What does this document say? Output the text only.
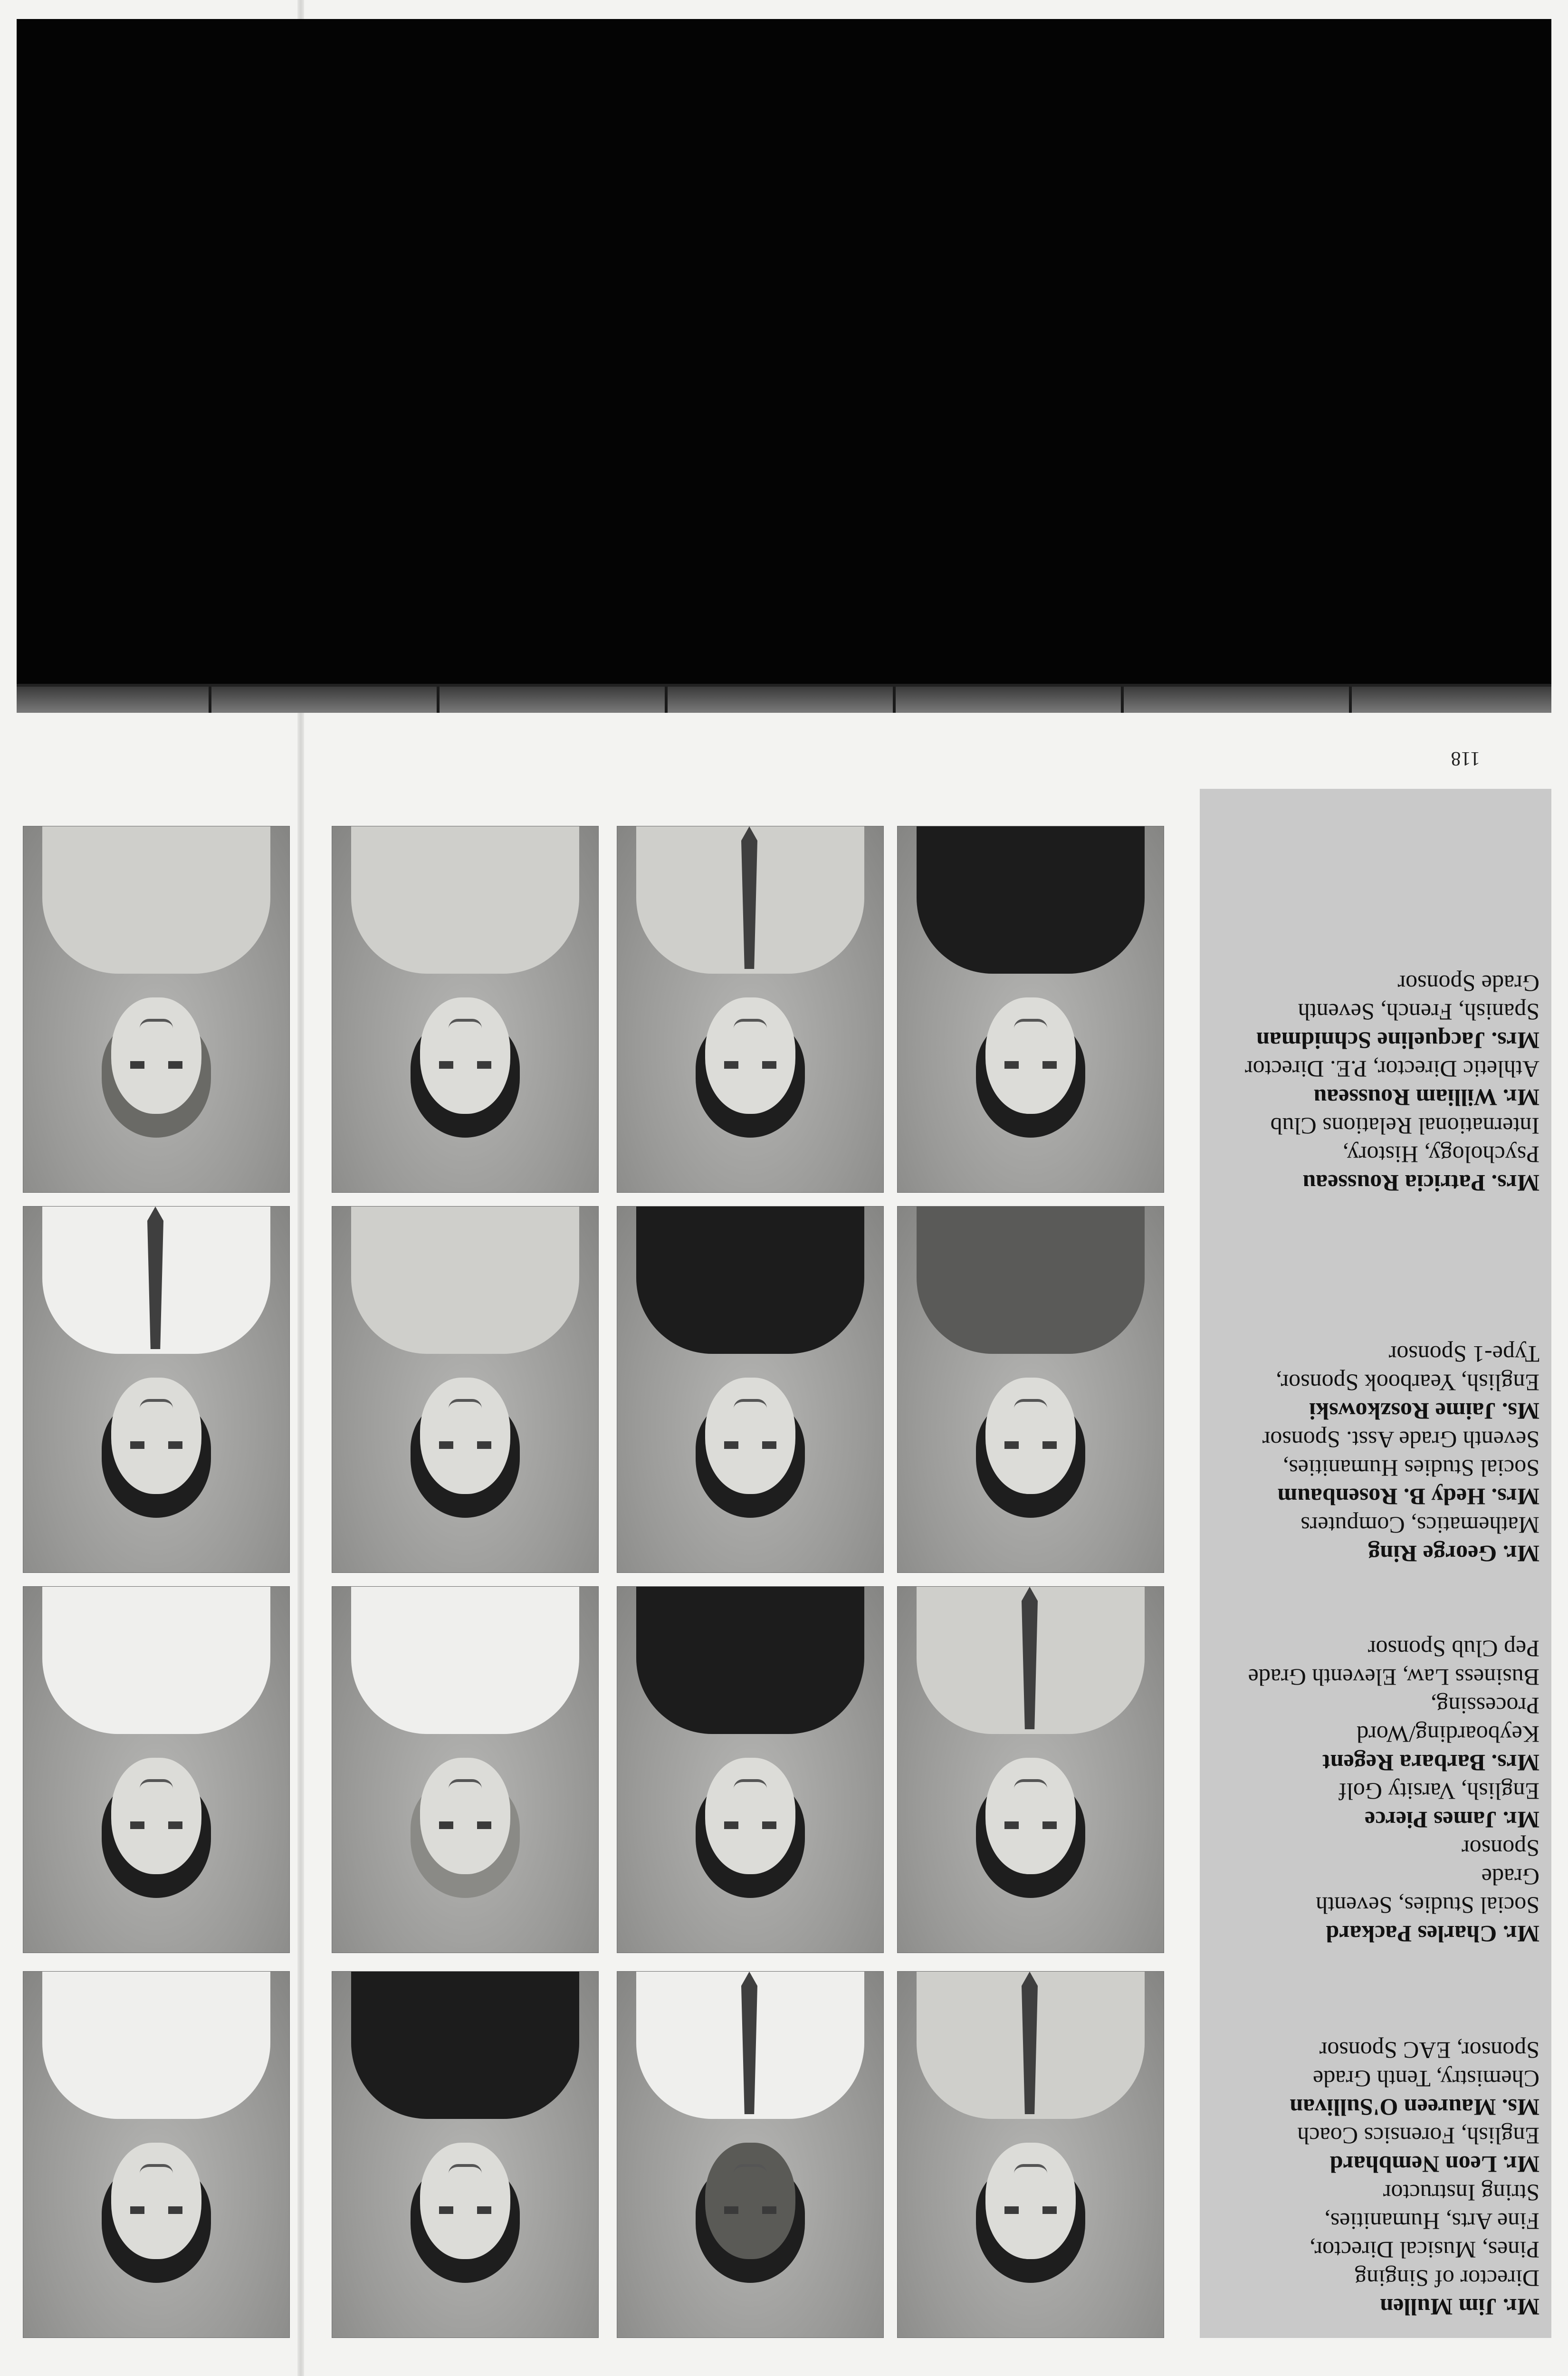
Mr. Jim Mullen
Director of Singing
Pines, Musical Director,
Fine Arts, Humanities,
String Instructor
Mr. Leon Nembhard
English, Forensics Coach
Ms. Maureen O'Sullivan
Chemistry, Tenth Grade
Sponsor, EAC Sponsor
Mr. Charles Packard
Social Studies, Seventh
Grade
Sponsor
Mr. James Pierce
English, Varsity Golf
Mrs. Barbara Regent
Keyboarding/Word
Processing,
Business Law, Eleventh Grade
Pep Club Sponsor
Mr. George Ring
Mathematics, Computers
Mrs. Hedy B. Rosenbaum
Social Studies Humanities,
Seventh Grade Asst. Sponsor
Ms. Jaime Roszkowski
English, Yearbook Sponsor,
Type-1 Sponsor
Mrs. Patricia Rousseau
Psychology, History,
International Relations Club
Mr. William Rousseau
Athletic Director, P.E. Director
Mrs. Jacqueline Schnidman
Spanish, French, Seventh
Grade Sponsor
118
